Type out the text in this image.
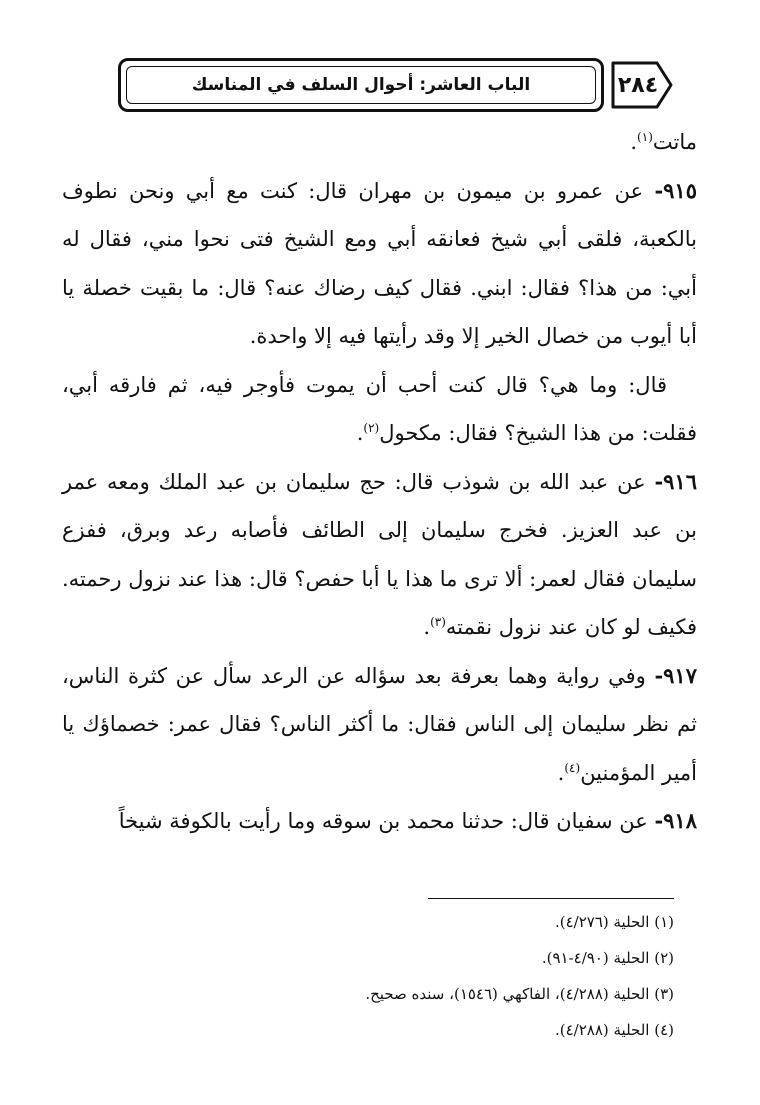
الباب العاشر: أحوال السلف في المناسك	٢٨٤

ماتت$^{(١)}$.

٩١٥- عن عمرو بن ميمون بن مهران قال: كنت مع أبي ونحن نطوف بالكعبة، فلقى أبي شيخ فعانقه أبي ومع الشيخ فتى نحوا مني، فقال له أبي: من هذا؟ فقال: ابني. فقال كيف رضاك عنه؟ قال: ما بقيت خصلة يا أبا أيوب من خصال الخير إلا وقد رأيتها فيه إلا واحدة.

قال: وما هي؟ قال كنت أحب أن يموت فأوجر فيه، ثم فارقه أبي، فقلت: من هذا الشيخ؟ فقال: مكحول$^{(٢)}$.

٩١٦- عن عبد الله بن شوذب قال: حج سليمان بن عبد الملك ومعه عمر بن عبد العزيز. فخرج سليمان إلى الطائف فأصابه رعد وبرق، ففزع سليمان فقال لعمر: ألا ترى ما هذا يا أبا حفص؟ قال: هذا عند نزول رحمته. فكيف لو كان عند نزول نقمته$^{(٣)}$.

٩١٧- وفي رواية وهما بعرفة بعد سؤاله عن الرعد سأل عن كثرة الناس، ثم نظر سليمان إلى الناس فقال: ما أكثر الناس؟ فقال عمر: خصماؤك يا أمير المؤمنين$^{(٤)}$.

٩١٨- عن سفيان قال: حدثنا محمد بن سوقه وما رأيت بالكوفة شيخاً

(١) الحلية (٤/٢٧٦).

(٢) الحلية (٤/٩٠-٩١).

(٣) الحلية (٤/٢٨٨)، الفاكهي (١٥٤٦)، سنده صحيح.

(٤) الحلية (٤/٢٨٨).
